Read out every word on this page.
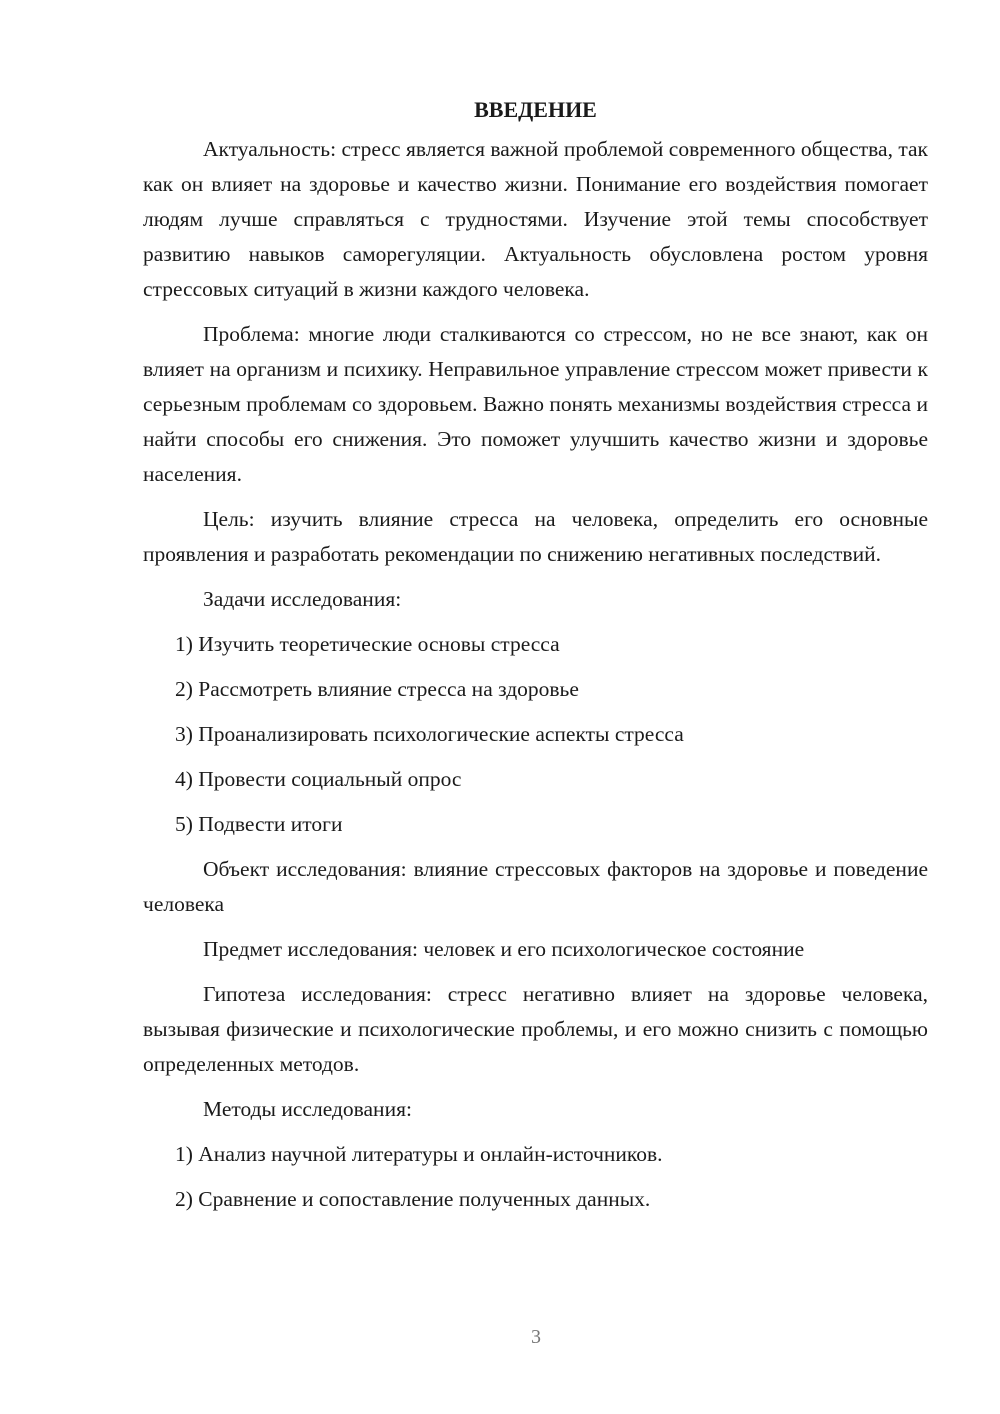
ВВЕДЕНИЕ

Актуальность: стресс является важной проблемой современного общества, так как он влияет на здоровье и качество жизни. Понимание его воздействия помогает людям лучше справляться с трудностями. Изучение этой темы способствует развитию навыков саморегуляции. Актуальность обусловлена ростом уровня стрессовых ситуаций в жизни каждого человека.

Проблема: многие люди сталкиваются со стрессом, но не все знают, как он влияет на организм и психику. Неправильное управление стрессом может привести к серьезным проблемам со здоровьем. Важно понять механизмы воздействия стресса и найти способы его снижения. Это поможет улучшить качество жизни и здоровье населения.

Цель: изучить влияние стресса на человека, определить его основные проявления и разработать рекомендации по снижению негативных последствий.

Задачи исследования:

1) Изучить теоретические основы стресса
2) Рассмотреть влияние стресса на здоровье
3) Проанализировать психологические аспекты стресса
4) Провести социальный опрос
5) Подвести итоги

Объект исследования: влияние стрессовых факторов на здоровье и поведение человека

Предмет исследования: человек и его психологическое состояние

Гипотеза исследования: стресс негативно влияет на здоровье человека, вызывая физические и психологические проблемы, и его можно снизить с помощью определенных методов.

Методы исследования:

1) Анализ научной литературы и онлайн-источников.
2) Сравнение и сопоставление полученных данных.
3
